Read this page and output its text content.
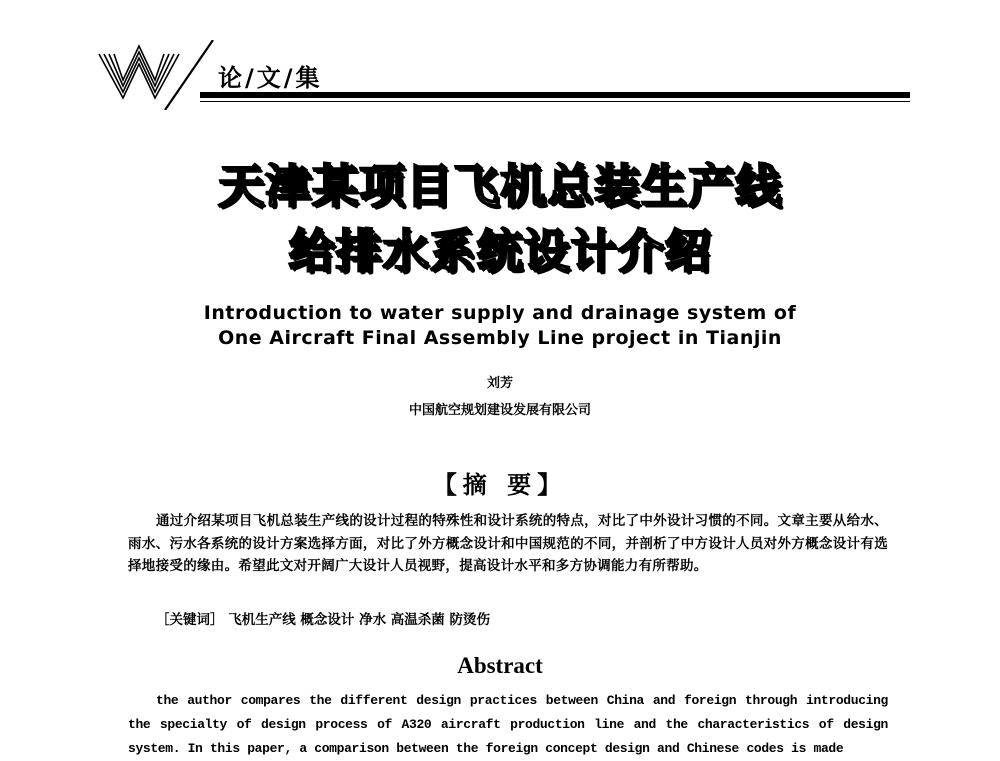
论/文/集
天津某项目飞机总装生产线
给排水系统设计介绍
Introduction to water supply and drainage system of
One Aircraft Final Assembly Line project in Tianjin
刘芳
中国航空规划建设发展有限公司
【摘 要】
通过介绍某项目飞机总装生产线的设计过程的特殊性和设计系统的特点，对比了中外设计习惯的不同。文章主要从给水、雨水、污水各系统的设计方案选择方面，对比了外方概念设计和中国规范的不同，并剖析了中方设计人员对外方概念设计有选择地接受的缘由。希望此文对开阔广大设计人员视野，提高设计水平和多方协调能力有所帮助。
［关键词］ 飞机生产线 概念设计 净水 高温杀菌 防烫伤
Abstract
the author compares the different design practices between China and foreign through introducing the specialty of design process of A320 aircraft production line and the characteristics of design system. In this paper, a comparison between the foreign concept design and Chinese codes is made
